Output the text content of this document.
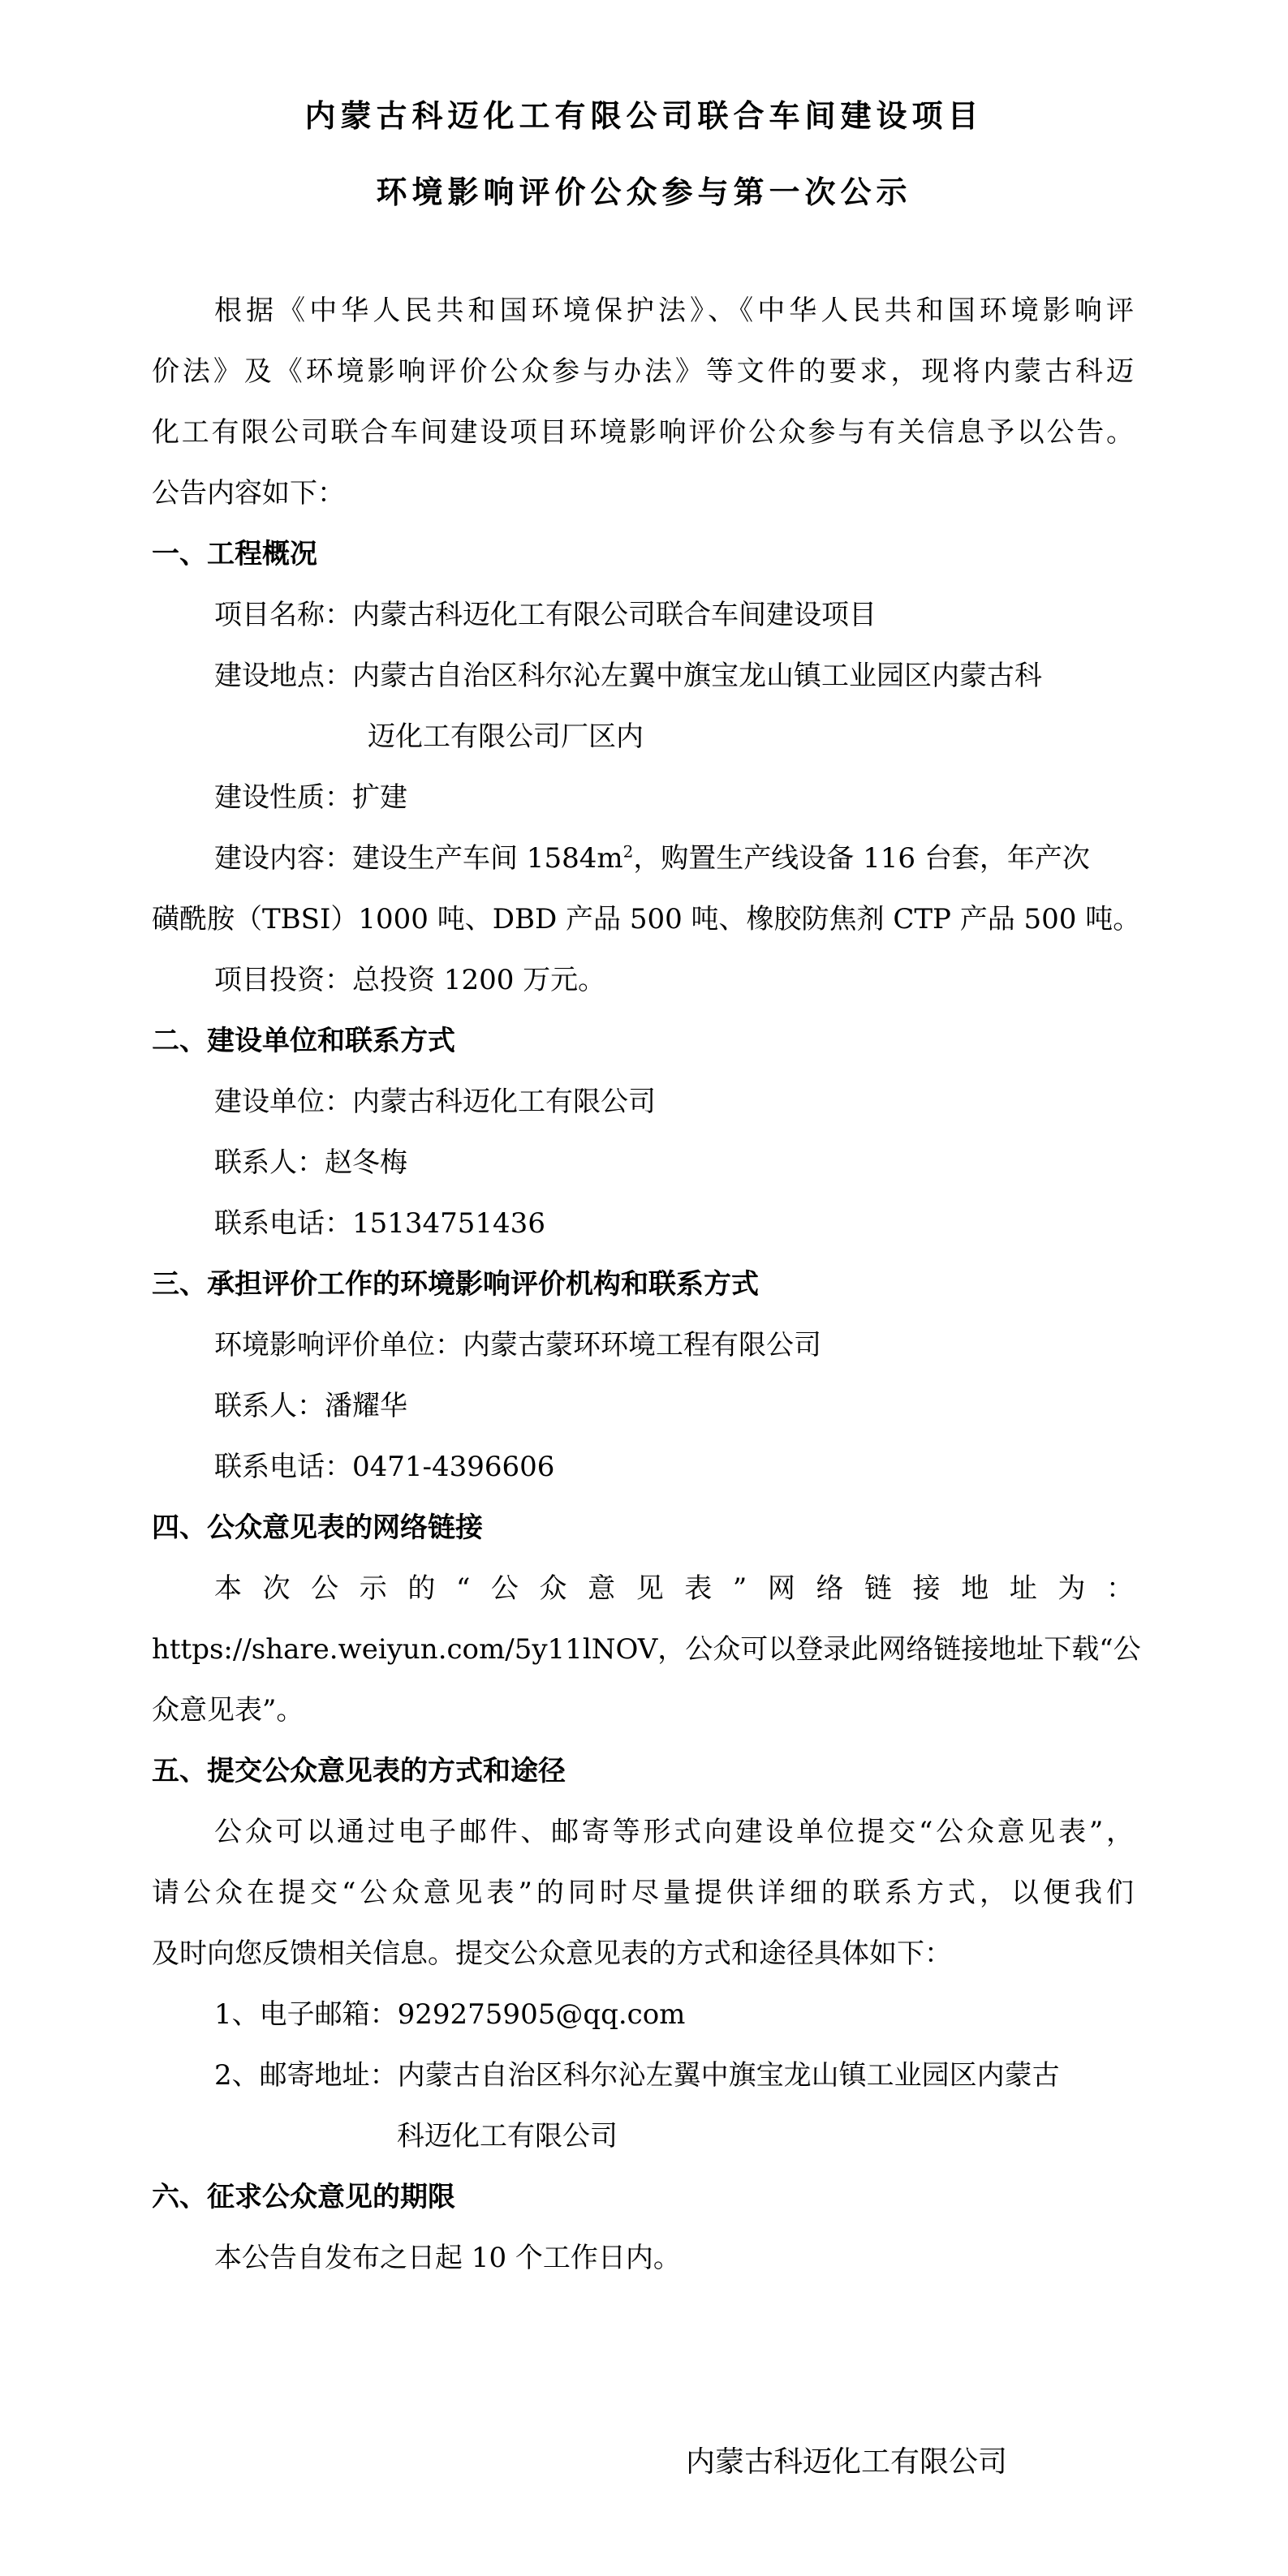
内蒙古科迈化工有限公司联合车间建设项目
环境影响评价公众参与第一次公示
根据《中华人民共和国环境保护法》、《中华人民共和国环境影响评
价法》及《环境影响评价公众参与办法》等文件的要求，现将内蒙古科迈
化工有限公司联合车间建设项目环境影响评价公众参与有关信息予以公告。
公告内容如下：
一、工程概况
项目名称：内蒙古科迈化工有限公司联合车间建设项目
建设地点：内蒙古自治区科尔沁左翼中旗宝龙山镇工业园区内蒙古科
迈化工有限公司厂区内
建设性质：扩建
建设内容：建设生产车间 $1584m^2$，购置生产线设备 116 台套，年产次
磺酰胺（TBSI）1000 吨、DBD 产品 500 吨、橡胶防焦剂 CTP 产品 500 吨。
项目投资：总投资 1200 万元。
二、建设单位和联系方式
建设单位：内蒙古科迈化工有限公司
联系人：赵冬梅
联系电话：15134751436
三、承担评价工作的环境影响评价机构和联系方式
环境影响评价单位：内蒙古蒙环环境工程有限公司
联系人：潘耀华
联系电话：0471-4396606
四、公众意见表的网络链接
本次公示的“公众意见表”网络链接地址为：
https://share.weiyun.com/5y11lNOV，公众可以登录此网络链接地址下载“公
众意见表”。
五、提交公众意见表的方式和途径
公众可以通过电子邮件、邮寄等形式向建设单位提交“公众意见表”，
请公众在提交“公众意见表”的同时尽量提供详细的联系方式，以便我们
及时向您反馈相关信息。提交公众意见表的方式和途径具体如下：
1、电子邮箱：929275905@qq.com
2、邮寄地址：内蒙古自治区科尔沁左翼中旗宝龙山镇工业园区内蒙古
科迈化工有限公司
六、征求公众意见的期限
本公告自发布之日起 10 个工作日内。
内蒙古科迈化工有限公司
